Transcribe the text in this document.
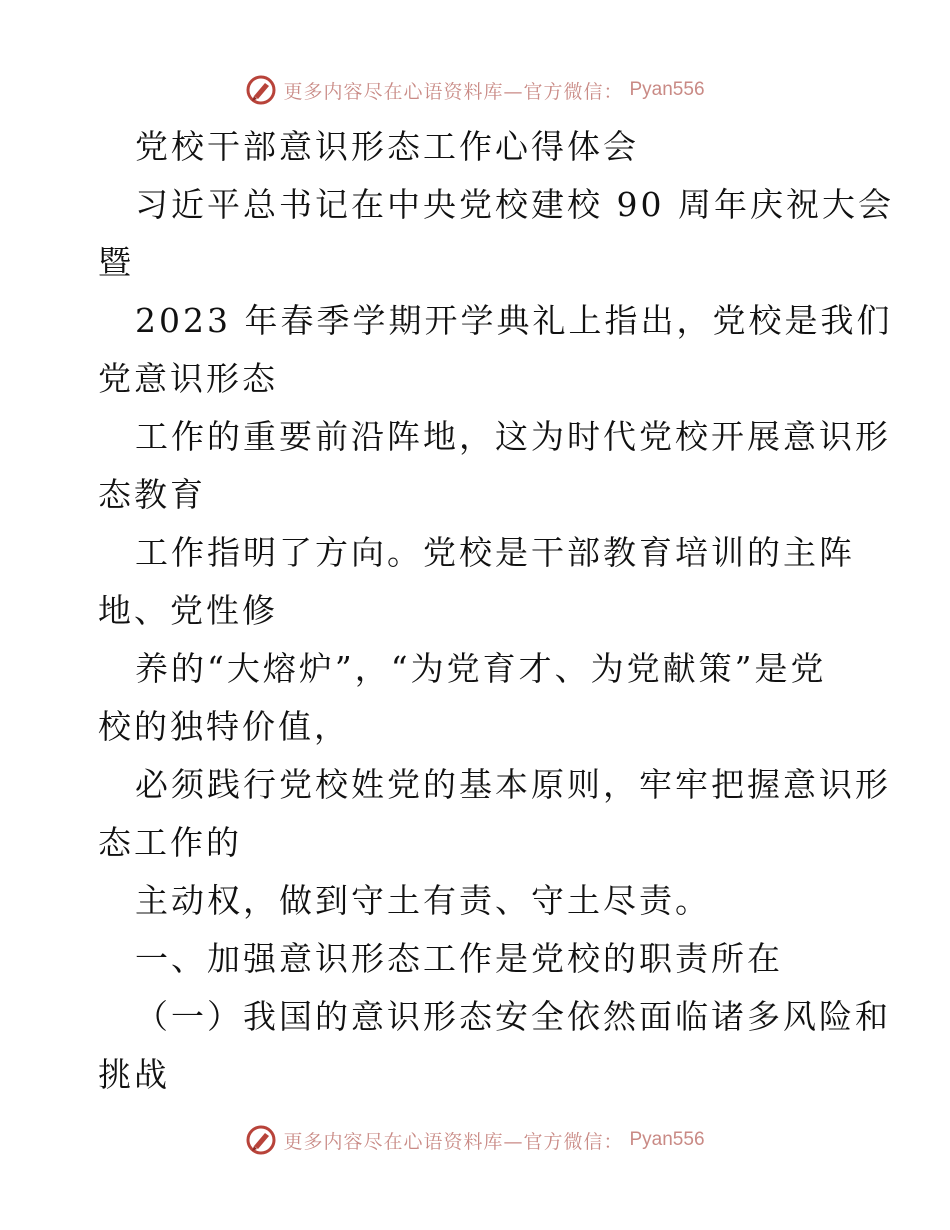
更多内容尽在心语资料库—官方微信： Pyan556
党校干部意识形态工作心得体会
习近平总书记在中央党校建校 90 周年庆祝大会
暨
2023 年春季学期开学典礼上指出，党校是我们
党意识形态
工作的重要前沿阵地，这为时代党校开展意识形
态教育
工作指明了方向。党校是干部教育培训的主阵
地、党性修
养的“大熔炉”，“为党育才、为党献策”是党
校的独特价值，
必须践行党校姓党的基本原则，牢牢把握意识形
态工作的
主动权，做到守土有责、守土尽责。
一、加强意识形态工作是党校的职责所在
（一）我国的意识形态安全依然面临诸多风险和
挑战
更多内容尽在心语资料库—官方微信： Pyan556
